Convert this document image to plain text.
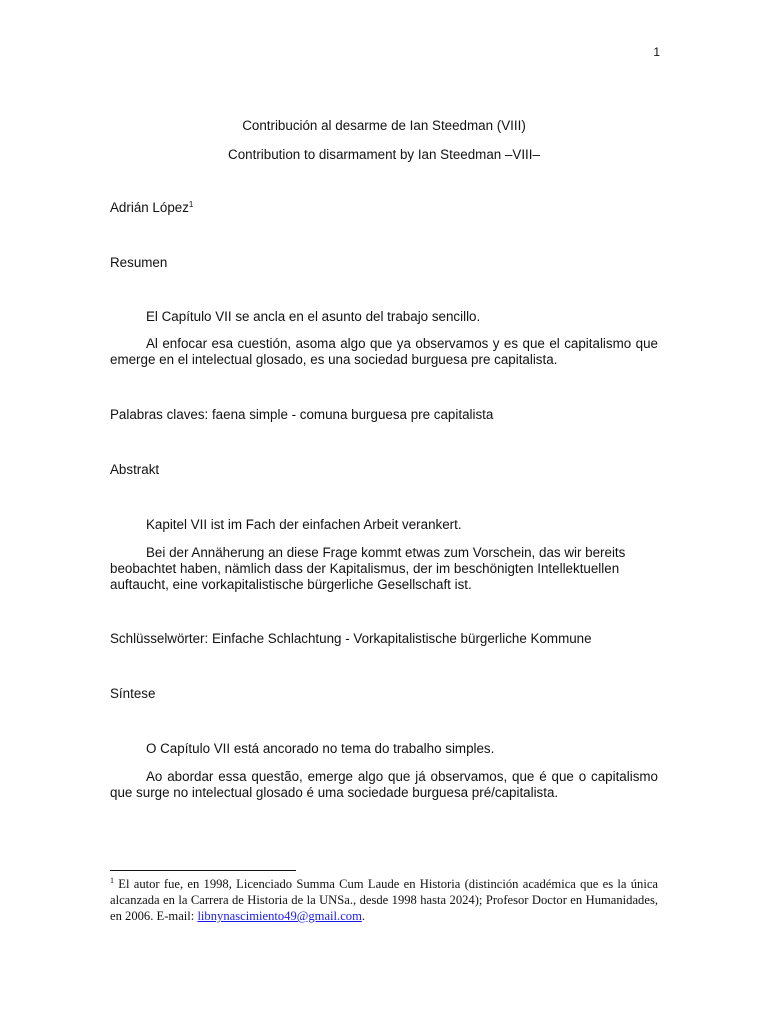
1
Contribución al desarme de Ian Steedman (VIII)
Contribution to disarmament by Ian Steedman –VIII–
Adrián López$^1$
Resumen
El Capítulo VII se ancla en el asunto del trabajo sencillo.
Al enfocar esa cuestión, asoma algo que ya observamos y es que el capitalismo que emerge en el intelectual glosado, es una sociedad burguesa pre capitalista.
Palabras claves: faena simple - comuna burguesa pre capitalista
Abstrakt
Kapitel VII ist im Fach der einfachen Arbeit verankert.
Bei der Annäherung an diese Frage kommt etwas zum Vorschein, das wir bereits beobachtet haben, nämlich dass der Kapitalismus, der im beschönigten Intellektuellen auftaucht, eine vorkapitalistische bürgerliche Gesellschaft ist.
Schlüsselwörter: Einfache Schlachtung - Vorkapitalistische bürgerliche Kommune
Síntese
O Capítulo VII está ancorado no tema do trabalho simples.
Ao abordar essa questão, emerge algo que já observamos, que é que o capitalismo que surge no intelectual glosado é uma sociedade burguesa pré/capitalista.
$^1$ El autor fue, en 1998, Licenciado Summa Cum Laude en Historia (distinción académica que es la única alcanzada en la Carrera de Historia de la UNSa., desde 1998 hasta 2024); Profesor Doctor en Humanidades, en 2006. E-mail: libnynascimiento49@gmail.com.
